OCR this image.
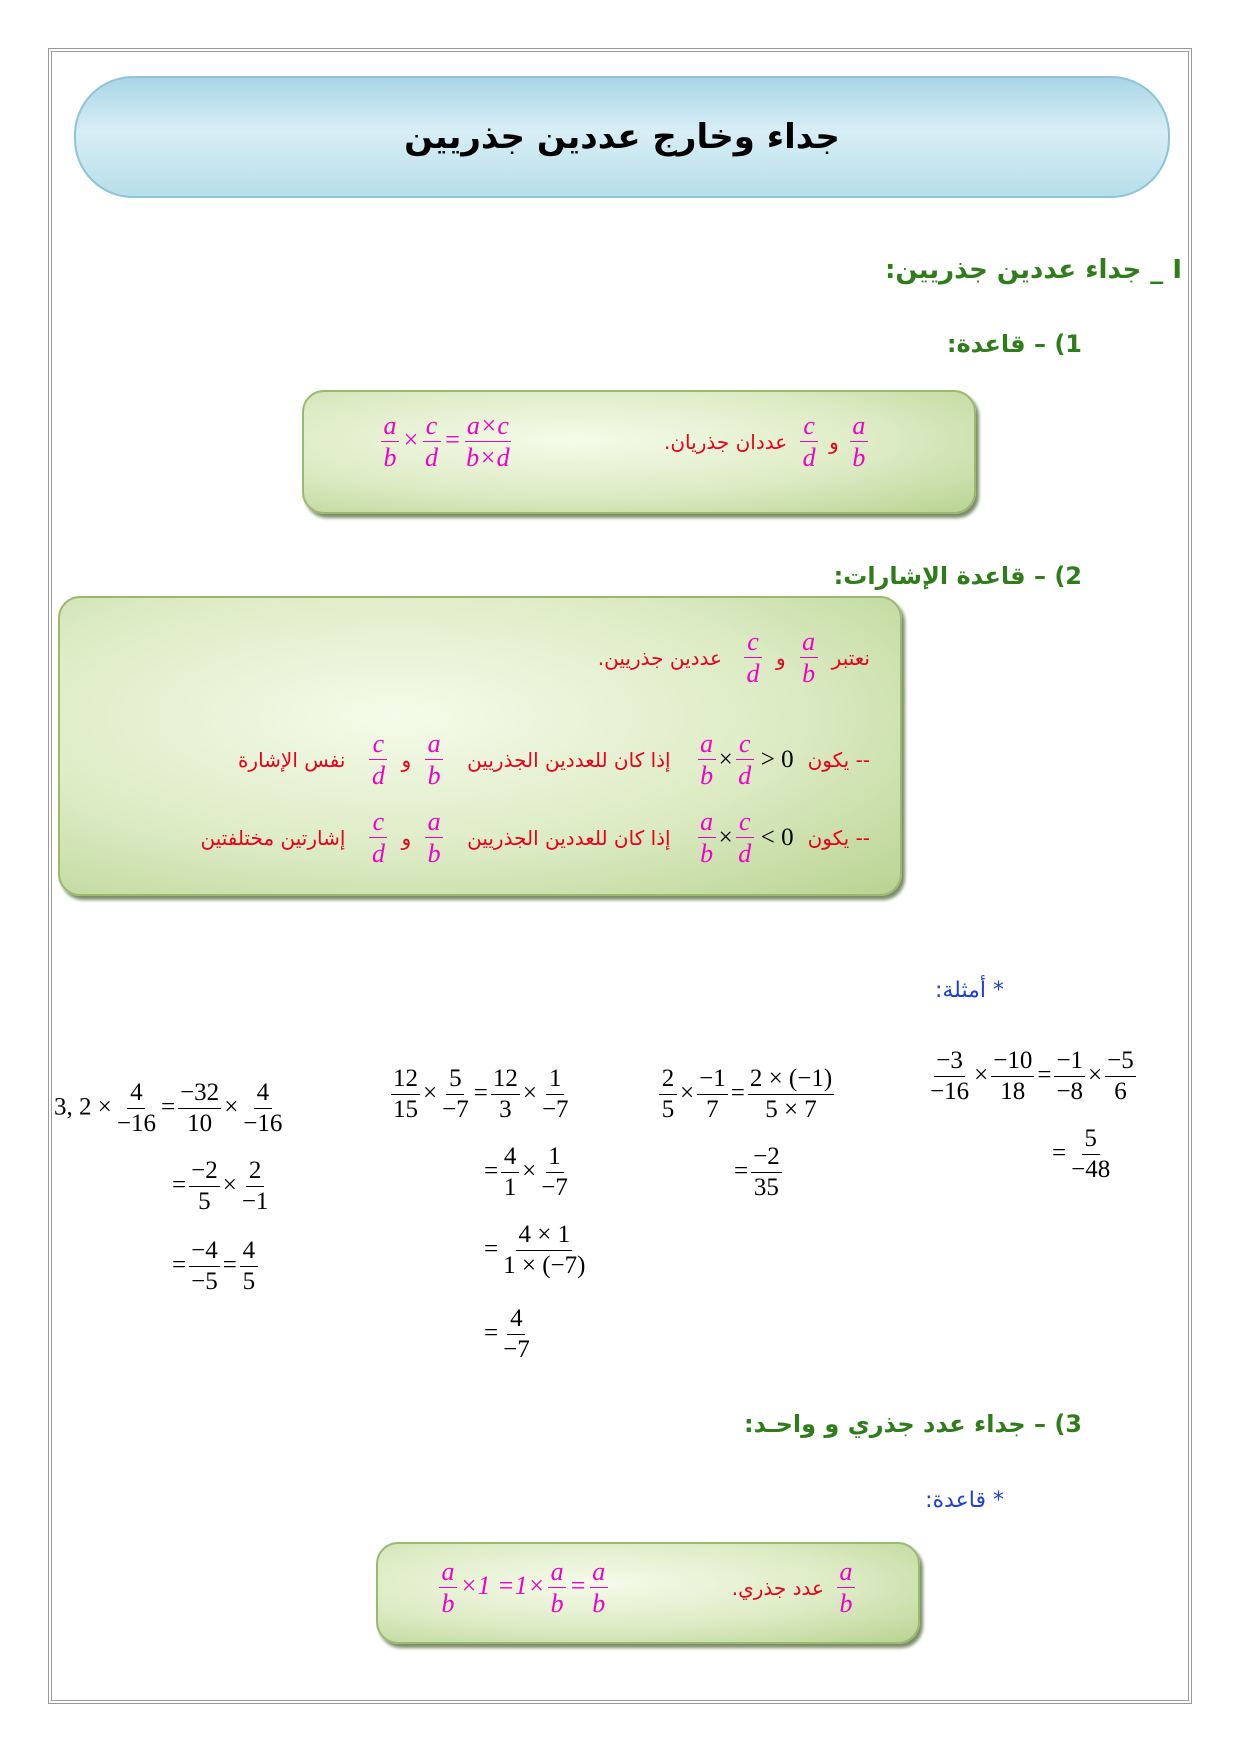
جداء وخارج عددين جذريين
I _ جداء عددين جذريين:
1) – قاعدة:
$\frac{a}{b} \times \frac{c}{d} = \frac{a\times c}{b\times d}$	$\frac{a}{b}$
و
$\frac{c}{d}$
عددان جذريان.
2) – قاعدة الإشارات:
نعتبر
$\frac{a}{b}$
و
$\frac{c}{d}$
عددين جذريين.
-- يكون
$\frac{a}{b} \times \frac{c}{d} > 0$
إذا كان للعددين الجذريين
$\frac{a}{b}$
و
$\frac{c}{d}$
نفس الإشارة
-- يكون
$\frac{a}{b} \times \frac{c}{d} < 0$
إذا كان للعددين الجذريين
$\frac{a}{b}$
و
$\frac{c}{d}$
إشارتين مختلفتين
* أمثلة:
$\frac{-3}{-16} \times \frac{-10}{18} = \frac{-1}{-8} \times \frac{-5}{6}$
= $\frac{5}{-48}$
$\frac{2}{5} \times \frac{-1}{7} = \frac{2 \times (-1)}{5 \times 7}$
= $\frac{-2}{35}$
$\frac{12}{15} \times \frac{5}{-7} = \frac{12}{3} \times \frac{1}{-7}$
= $\frac{4}{1} \times \frac{1}{-7}$
= $\frac{4 \times 1}{1 \times (-7)}$
= $\frac{4}{-7}$
3, $2 \times \frac{4}{-16} = \frac{-32}{10} \times \frac{4}{-16}$
= $\frac{-2}{5} \times \frac{2}{-1}$
= $\frac{-4}{-5} = \frac{4}{5}$
3) – جداء عدد جذري و واحـد:
* قاعدة:
$\frac{a}{b} \times 1 =1\times \frac{a}{b} = \frac{a}{b}$	$\frac{a}{b}$
عدد جذري.
